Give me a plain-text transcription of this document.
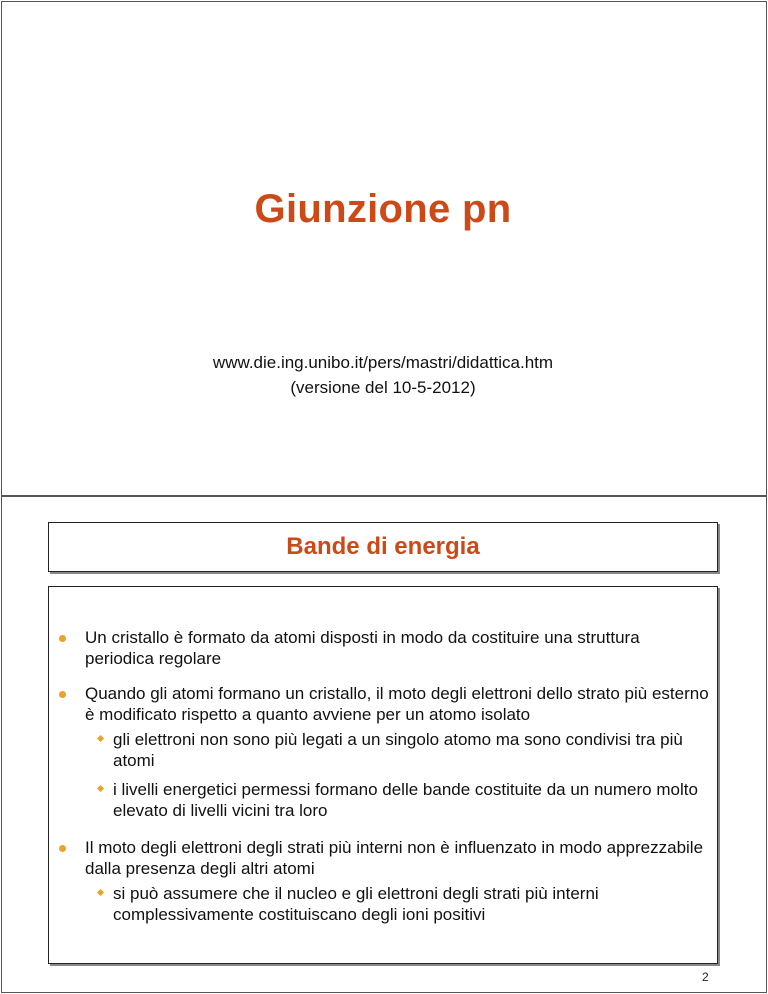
Giunzione pn
www.die.ing.unibo.it/pers/mastri/didattica.htm
(versione del 10-5-2012)
Bande di energia
Un cristallo è formato da atomi disposti in modo da costituire una struttura periodica regolare
Quando gli atomi formano un cristallo, il moto degli elettroni dello strato più esterno è modificato rispetto a quanto avviene per un atomo isolato
gli elettroni non sono più legati a un singolo atomo ma sono condivisi tra più atomi
i livelli energetici permessi formano delle bande costituite da un numero molto elevato di livelli vicini tra loro
Il moto degli elettroni degli strati più interni non è influenzato in modo apprezzabile dalla presenza degli altri atomi
si può assumere che il nucleo e gli elettroni degli strati più interni complessivamente costituiscano degli ioni positivi
2
